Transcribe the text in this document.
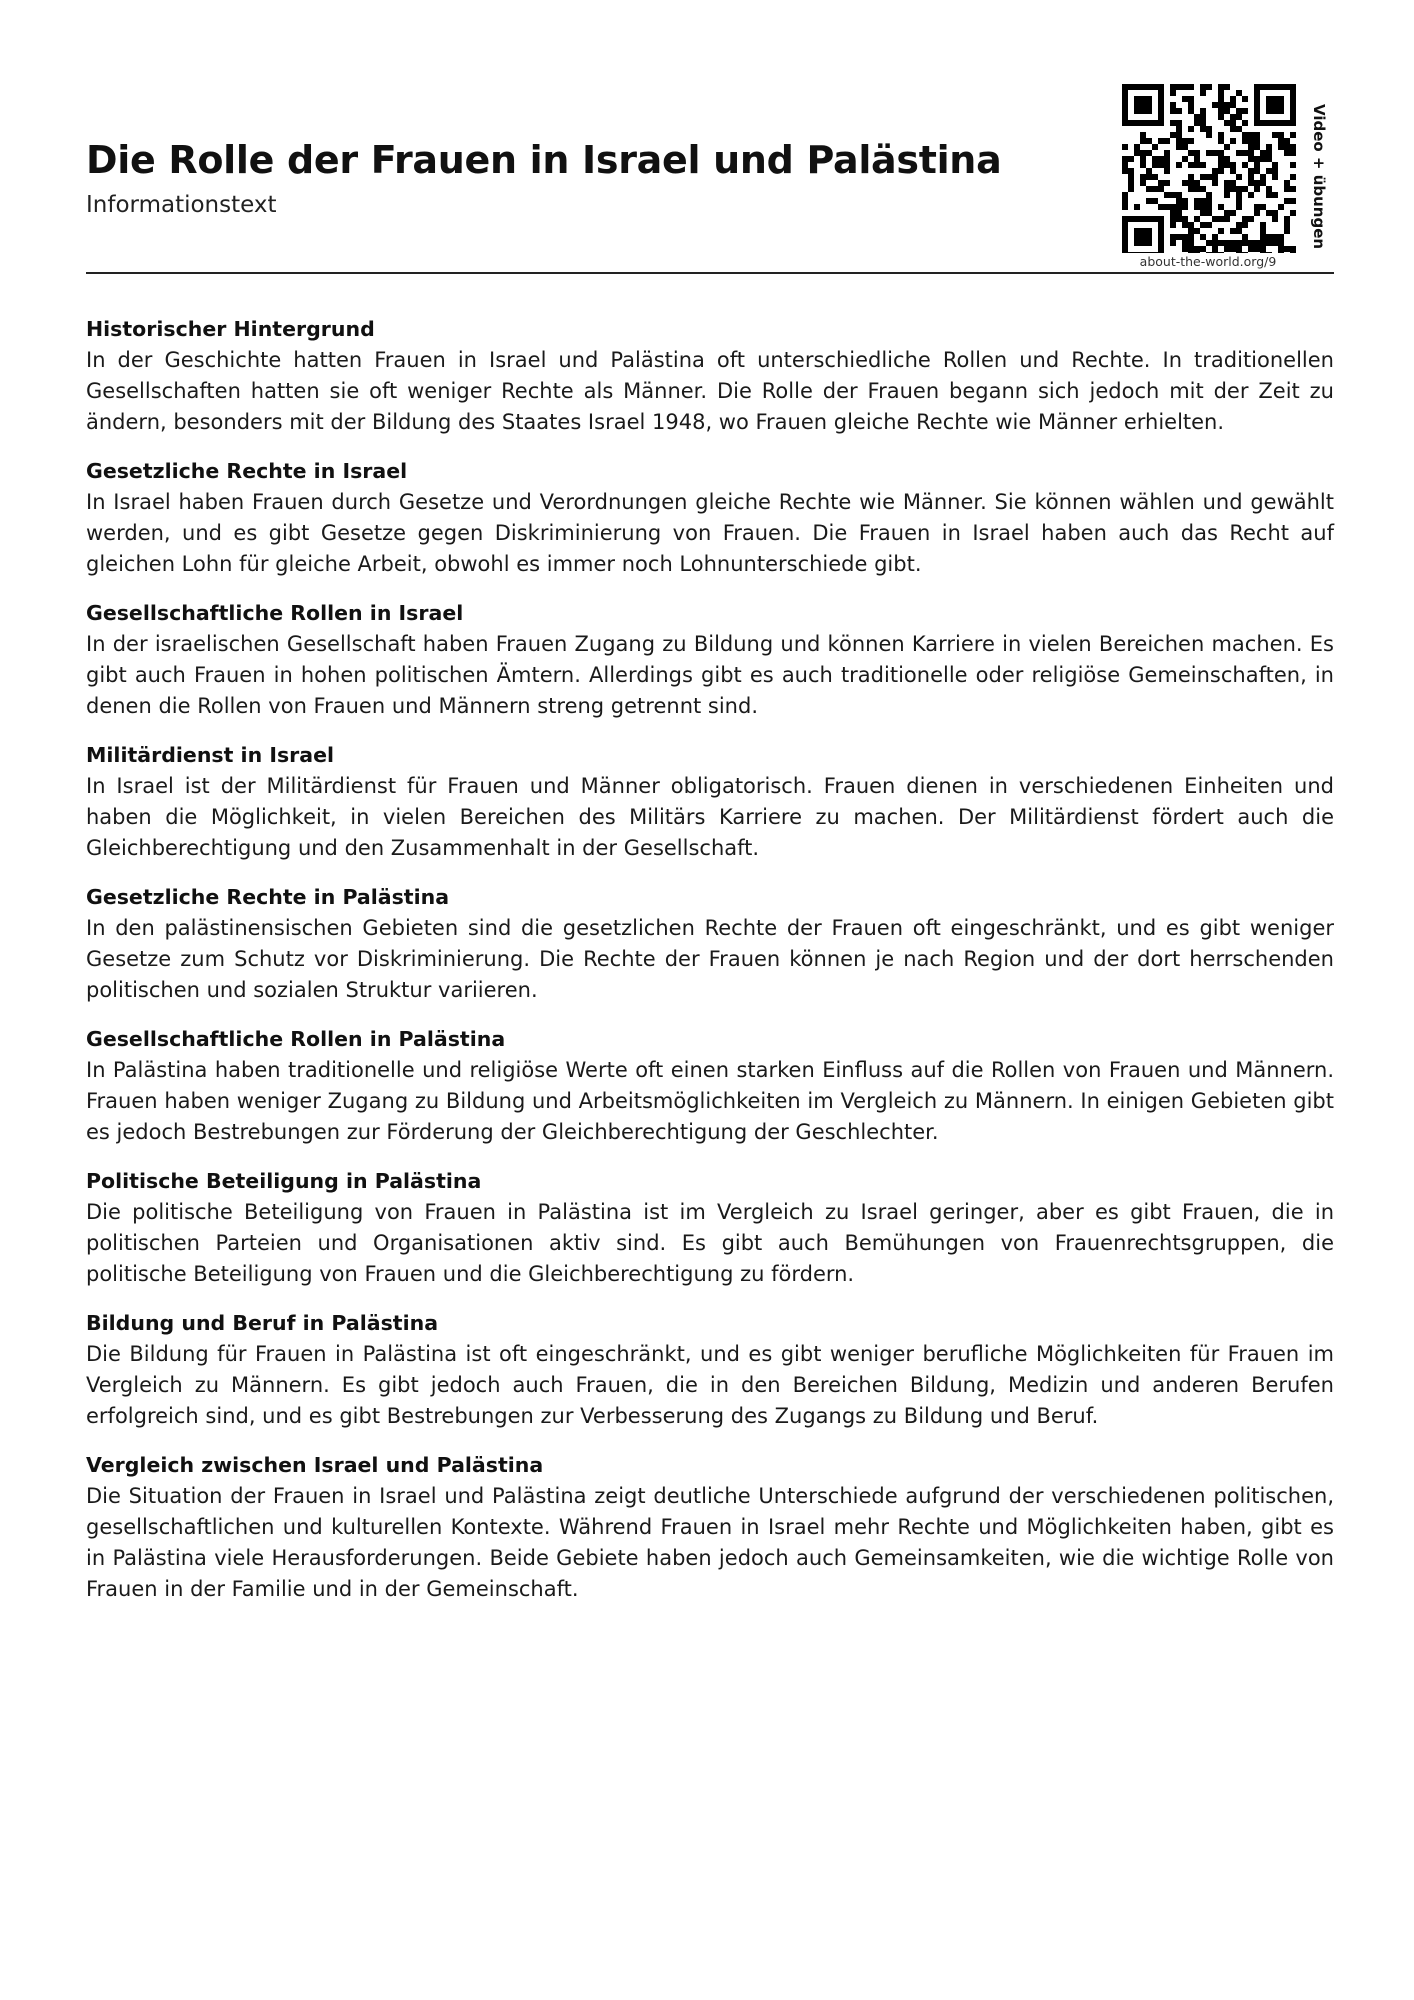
Die Rolle der Frauen in Israel und Palästina
Informationstext
about-the-world.org/9
Video + übungen

Historischer Hintergrund

In der Geschichte hatten Frauen in Israel und Palästina oft unterschiedliche Rollen und Rechte. In traditionellen Gesellschaften hatten sie oft weniger Rechte als Männer. Die Rolle der Frauen begann sich jedoch mit der Zeit zu ändern, besonders mit der Bildung des Staates Israel 1948, wo Frauen gleiche Rechte wie Männer erhielten.

Gesetzliche Rechte in Israel

In Israel haben Frauen durch Gesetze und Verordnungen gleiche Rechte wie Männer. Sie können wählen und gewählt werden, und es gibt Gesetze gegen Diskriminierung von Frauen. Die Frauen in Israel haben auch das Recht auf gleichen Lohn für gleiche Arbeit, obwohl es immer noch Lohnunterschiede gibt.

Gesellschaftliche Rollen in Israel

In der israelischen Gesellschaft haben Frauen Zugang zu Bildung und können Karriere in vielen Bereichen machen. Es gibt auch Frauen in hohen politischen Ämtern. Allerdings gibt es auch traditionelle oder religiöse Gemeinschaften, in denen die Rollen von Frauen und Männern streng getrennt sind.

Militärdienst in Israel

In Israel ist der Militärdienst für Frauen und Männer obligatorisch. Frauen dienen in verschiedenen Einheiten und haben die Möglichkeit, in vielen Bereichen des Militärs Karriere zu machen. Der Militärdienst fördert auch die Gleichberechtigung und den Zusammenhalt in der Gesellschaft.

Gesetzliche Rechte in Palästina

In den palästinensischen Gebieten sind die gesetzlichen Rechte der Frauen oft eingeschränkt, und es gibt weniger Gesetze zum Schutz vor Diskriminierung. Die Rechte der Frauen können je nach Region und der dort herrschenden politischen und sozialen Struktur variieren.

Gesellschaftliche Rollen in Palästina

In Palästina haben traditionelle und religiöse Werte oft einen starken Einfluss auf die Rollen von Frauen und Männern. Frauen haben weniger Zugang zu Bildung und Arbeitsmöglichkeiten im Vergleich zu Männern. In einigen Gebieten gibt es jedoch Bestrebungen zur Förderung der Gleichberechtigung der Geschlechter.

Politische Beteiligung in Palästina

Die politische Beteiligung von Frauen in Palästina ist im Vergleich zu Israel geringer, aber es gibt Frauen, die in politischen Parteien und Organisationen aktiv sind. Es gibt auch Bemühungen von Frauenrechtsgruppen, die politische Beteiligung von Frauen und die Gleichberechtigung zu fördern.

Bildung und Beruf in Palästina

Die Bildung für Frauen in Palästina ist oft eingeschränkt, und es gibt weniger berufliche Möglichkeiten für Frauen im Vergleich zu Männern. Es gibt jedoch auch Frauen, die in den Bereichen Bildung, Medizin und anderen Berufen erfolgreich sind, und es gibt Bestrebungen zur Verbesserung des Zugangs zu Bildung und Beruf.

Vergleich zwischen Israel und Palästina

Die Situation der Frauen in Israel und Palästina zeigt deutliche Unterschiede aufgrund der verschiedenen politischen, gesellschaftlichen und kulturellen Kontexte. Während Frauen in Israel mehr Rechte und Möglichkeiten haben, gibt es in Palästina viele Herausforderungen. Beide Gebiete haben jedoch auch Gemeinsamkeiten, wie die wichtige Rolle von Frauen in der Familie und in der Gemeinschaft.
